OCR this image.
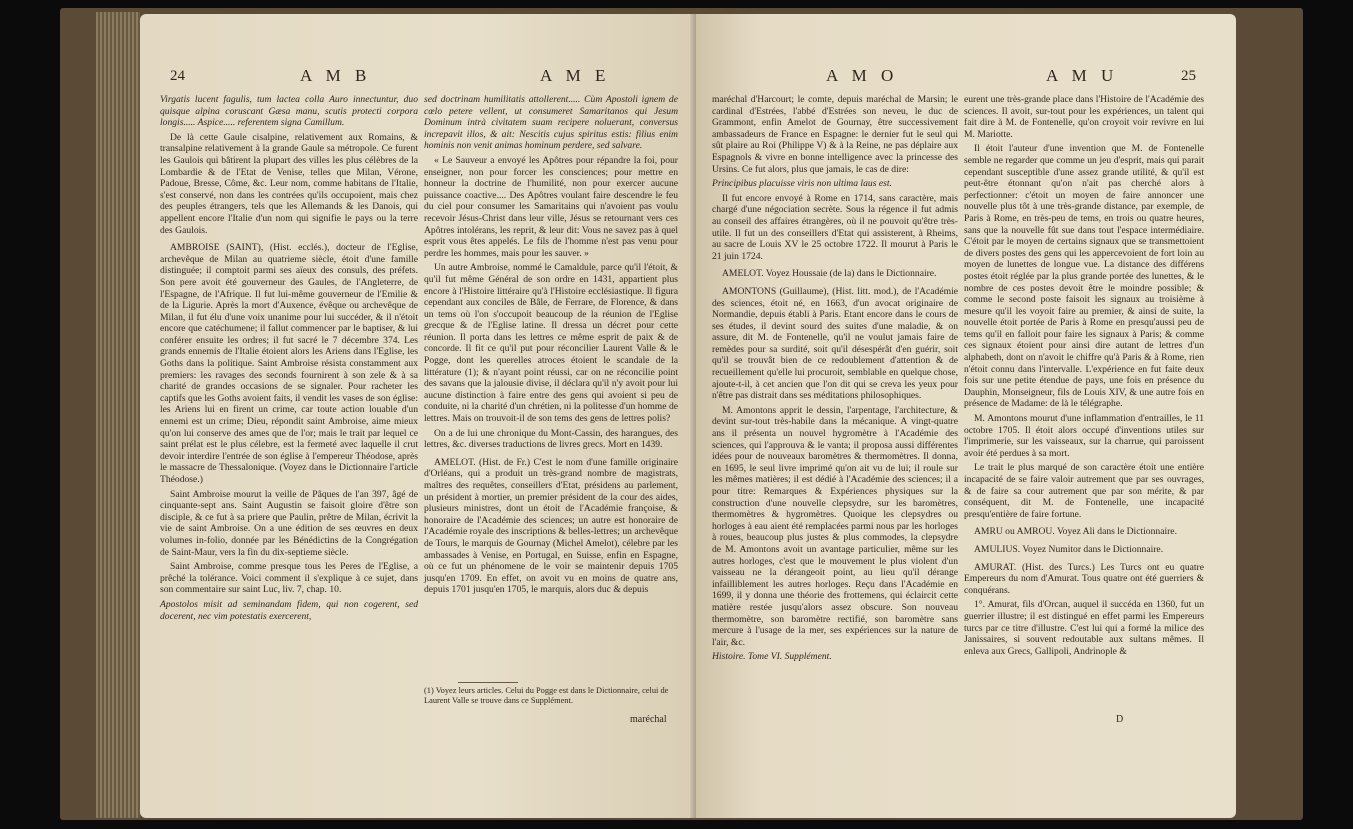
24	A M B	A M E

Virgatis lucent fagulis, tum lactea colla Auro innectuntur, duo quisque alpina coruscant Gæsa manu, scutis protecti corpora longis..... Aspice..... referentem signa Camillum.

De là cette Gaule cisalpine, relativement aux Romains, & transalpine relativement à la grande Gaule sa métropole. Ce furent les Gaulois qui bâtirent la plupart des villes les plus célèbres de la Lombardie & de l'Etat de Venise, telles que Milan, Vérone, Padoue, Bresse, Côme, &c. Leur nom, comme habitans de l'Italie, s'est conservé, non dans les contrées qu'ils occupoient, mais chez des peuples étrangers, tels que les Allemands & les Danois, qui appellent encore l'Italie d'un nom qui signifie le pays ou la terre des Gaulois.

AMBROISE (SAINT), (Hist. ecclés.), docteur de l'Eglise, archevêque de Milan au quatrieme siècle, étoit d'une famille distinguée; il comptoit parmi ses aïeux des consuls, des préfets. Son pere avoit été gouverneur des Gaules, de l'Angleterre, de l'Espagne, de l'Afrique. Il fut lui-même gouverneur de l'Emilie & de la Ligurie. Après la mort d'Auxence, évêque ou archevêque de Milan, il fut élu d'une voix unanime pour lui succéder, & il n'étoit encore que catéchumene; il fallut commencer par le baptiser, & lui conférer ensuite les ordres; il fut sacré le 7 décembre 374. Les grands ennemis de l'Italie étoient alors les Ariens dans l'Eglise, les Goths dans la politique. Saint Ambroise résista constamment aux premiers: les ravages des seconds fournirent à son zele & à sa charité de grandes occasions de se signaler. Pour racheter les captifs que les Goths avoient faits, il vendit les vases de son église: les Ariens lui en firent un crime, car toute action louable d'un ennemi est un crime; Dieu, répondit saint Ambroise, aime mieux qu'on lui conserve des ames que de l'or; mais le trait par lequel ce saint prélat est le plus célebre, est la fermeté avec laquelle il crut devoir interdire l'entrée de son église à l'empereur Théodose, après le massacre de Thessalonique. (Voyez dans le Dictionnaire l'article Théodose.)

Saint Ambroise mourut la veille de Pâques de l'an 397, âgé de cinquante-sept ans. Saint Augustin se faisoit gloire d'être son disciple, & ce fut à sa priere que Paulin, prêtre de Milan, écrivit la vie de saint Ambroise. On a une édition de ses œuvres en deux volumes in-folio, donnée par les Bénédictins de la Congrégation de Saint-Maur, vers la fin du dix-septieme siècle.

Saint Ambroise, comme presque tous les Peres de l'Eglise, a prêché la tolérance. Voici comment il s'explique à ce sujet, dans son commentaire sur saint Luc, liv. 7, chap. 10.

Apostolos misit ad seminandam fidem, qui non cogerent, sed docerent, nec vim potestatis exercerent,

sed doctrinam humilitatis attollerent..... Cùm Apostoli ignem de cœlo petere vellent, ut consumeret Samaritanos qui Jesum Dominum intrà civitatem suam recipere noluerant, conversus increpavit illos, & ait: Nescitis cujus spiritus estis: filius enim hominis non venit animas hominum perdere, sed salvare.

« Le Sauveur a envoyé les Apôtres pour répandre la foi, pour enseigner, non pour forcer les consciences; pour mettre en honneur la doctrine de l'humilité, non pour exercer aucune puissance coactive.... Des Apôtres voulant faire descendre le feu du ciel pour consumer les Samaritains qui n'avoient pas voulu recevoir Jésus-Christ dans leur ville, Jésus se retournant vers ces Apôtres intolérans, les reprit, & leur dit: Vous ne savez pas à quel esprit vous êtes appelés. Le fils de l'homme n'est pas venu pour perdre les hommes, mais pour les sauver. »

Un autre Ambroise, nommé le Camaldule, parce qu'il l'étoit, & qu'il fut même Général de son ordre en 1431, appartient plus encore à l'Histoire littéraire qu'à l'Histoire ecclésiastique. Il figura cependant aux conciles de Bâle, de Ferrare, de Florence, & dans un tems où l'on s'occupoit beaucoup de la réunion de l'Eglise grecque & de l'Eglise latine. Il dressa un décret pour cette réunion. Il porta dans les lettres ce même esprit de paix & de concorde. Il fit ce qu'il put pour réconcilier Laurent Valle & le Pogge, dont les querelles atroces étoient le scandale de la littérature (1); & n'ayant point réussi, car on ne réconcilie point des savans que la jalousie divise, il déclara qu'il n'y avoit pour lui aucune distinction à faire entre des gens qui avoient si peu de conduite, ni la charité d'un chrétien, ni la politesse d'un homme de lettres. Mais on trouvoit-il de son tems des gens de lettres polis?

On a de lui une chronique du Mont-Cassin, des harangues, des lettres, &c. diverses traductions de livres grecs. Mort en 1439.

AMELOT. (Hist. de Fr.) C'est le nom d'une famille originaire d'Orléans, qui a produit un très-grand nombre de magistrats, maîtres des requêtes, conseillers d'Etat, présidens au parlement, un président à mortier, un premier président de la cour des aides, plusieurs ministres, dont un étoit de l'Académie françoise, & honoraire de l'Académie des sciences; un autre est honoraire de l'Académie royale des inscriptions & belles-lettres; un archevêque de Tours, le marquis de Gournay (Michel Amelot), célebre par les ambassades à Venise, en Portugal, en Suisse, enfin en Espagne, où ce fut un phénomene de le voir se maintenir depuis 1705 jusqu'en 1709. En effet, on avoit vu en moins de quatre ans, depuis 1701 jusqu'en 1705, le marquis, alors duc & depuis

(1) Voyez leurs articles. Celui du Pogge est dans le Dictionnaire, celui de Laurent Valle se trouve dans ce Supplément.
maréchal
A M O	A M U	25

maréchal d'Harcourt; le comte, depuis maréchal de Marsin; le cardinal d'Estrées, l'abbé d'Estrées son neveu, le duc de Grammont, enfin Amelot de Gournay, être successivement ambassadeurs de France en Espagne: le dernier fut le seul qui sût plaire au Roi (Philippe V) & à la Reine, ne pas déplaire aux Espagnols & vivre en bonne intelligence avec la princesse des Ursins. Ce fut alors, plus que jamais, le cas de dire:

Principibus placuisse viris non ultima laus est.

Il fut encore envoyé à Rome en 1714, sans caractère, mais chargé d'une négociation secrète. Sous la régence il fut admis au conseil des affaires étrangères, où il ne pouvoit qu'être très-utile. Il fut un des conseillers d'Etat qui assisterent, à Rheims, au sacre de Louis XV le 25 octobre 1722. Il mourut à Paris le 21 juin 1724.

AMELOT. Voyez Houssaie (de la) dans le Dictionnaire.

AMONTONS (Guillaume), (Hist. litt. mod.), de l'Académie des sciences, étoit né, en 1663, d'un avocat originaire de Normandie, depuis établi à Paris. Etant encore dans le cours de ses études, il devint sourd des suites d'une maladie, & on assure, dit M. de Fontenelle, qu'il ne voulut jamais faire de remèdes pour sa surdité, soit qu'il désespérât d'en guérir, soit qu'il se trouvât bien de ce redoublement d'attention & de recueillement qu'elle lui procuroit, semblable en quelque chose, ajoute-t-il, à cet ancien que l'on dit qui se creva les yeux pour n'être pas distrait dans ses méditations philosophiques.

M. Amontons apprit le dessin, l'arpentage, l'architecture, & devint sur-tout très-habile dans la mécanique. A vingt-quatre ans il présenta un nouvel hygromètre à l'Académie des sciences, qui l'approuva & le vanta; il proposa aussi différentes idées pour de nouveaux baromètres & thermomètres. Il donna, en 1695, le seul livre imprimé qu'on ait vu de lui; il roule sur les mêmes matières; il est dédié à l'Académie des sciences; il a pour titre: Remarques & Expériences physiques sur la construction d'une nouvelle clepsydre, sur les baromètres, thermomètres & hygromètres. Quoique les clepsydres ou horloges à eau aient été remplacées parmi nous par les horloges à roues, beaucoup plus justes & plus commodes, la clepsydre de M. Amontons avoit un avantage particulier, même sur les autres horloges, c'est que le mouvement le plus violent d'un vaisseau ne la dérangeoit point, au lieu qu'il dérange infailliblement les autres horloges. Reçu dans l'Académie en 1699, il y donna une théorie des frottemens, qui éclaircit cette matière restée jusqu'alors assez obscure. Son nouveau thermomètre, son baromètre rectifié, son baromètre sans mercure à l'usage de la mer, ses expériences sur la nature de l'air, &c.

Histoire. Tome VI. Supplément.

eurent une très-grande place dans l'Histoire de l'Académie des sciences. Il avoit, sur-tout pour les expériences, un talent qui fait dire à M. de Fontenelle, qu'on croyoit voir revivre en lui M. Mariotte.

Il étoit l'auteur d'une invention que M. de Fontenelle semble ne regarder que comme un jeu d'esprit, mais qui parait cependant susceptible d'une assez grande utilité, & qu'il est peut-être étonnant qu'on n'ait pas cherché alors à perfectionner: c'étoit un moyen de faire annoncer une nouvelle plus tôt à une très-grande distance, par exemple, de Paris à Rome, en très-peu de tems, en trois ou quatre heures, sans que la nouvelle fût sue dans tout l'espace intermédiaire. C'étoit par le moyen de certains signaux que se transmettoient de divers postes des gens qui les appercevoient de fort loin au moyen de lunettes de longue vue. La distance des différens postes étoit réglée par la plus grande portée des lunettes, & le nombre de ces postes devoit être le moindre possible; & comme le second poste faisoit les signaux au troisième à mesure qu'il les voyoit faire au premier, & ainsi de suite, la nouvelle étoit portée de Paris à Rome en presqu'aussi peu de tems qu'il en falloit pour faire les signaux à Paris; & comme ces signaux étoient pour ainsi dire autant de lettres d'un alphabeth, dont on n'avoit le chiffre qu'à Paris & à Rome, rien n'étoit connu dans l'intervalle. L'expérience en fut faite deux fois sur une petite étendue de pays, une fois en présence du Dauphin, Monseigneur, fils de Louis XIV, & une autre fois en présence de Madame: de là le télégraphe.

M. Amontons mourut d'une inflammation d'entrailles, le 11 octobre 1705. Il étoit alors occupé d'inventions utiles sur l'imprimerie, sur les vaisseaux, sur la charrue, qui paroissent avoir été perdues à sa mort.

Le trait le plus marqué de son caractère étoit une entière incapacité de se faire valoir autrement que par ses ouvrages, & de faire sa cour autrement que par son mérite, & par conséquent, dit M. de Fontenelle, une incapacité presqu'entière de faire fortune.

AMRU ou AMROU. Voyez Ali dans le Dictionnaire.

AMULIUS. Voyez Numitor dans le Dictionnaire.

AMURAT. (Hist. des Turcs.) Les Turcs ont eu quatre Empereurs du nom d'Amurat. Tous quatre ont été guerriers & conquérans.

1°. Amurat, fils d'Orcan, auquel il succéda en 1360, fut un guerrier illustre; il est distingué en effet parmi les Empereurs turcs par ce titre d'illustre. C'est lui qui a formé la milice des Janissaires, si souvent redoutable aux sultans mêmes. Il enleva aux Grecs, Gallipoli, Andrinople &

D
